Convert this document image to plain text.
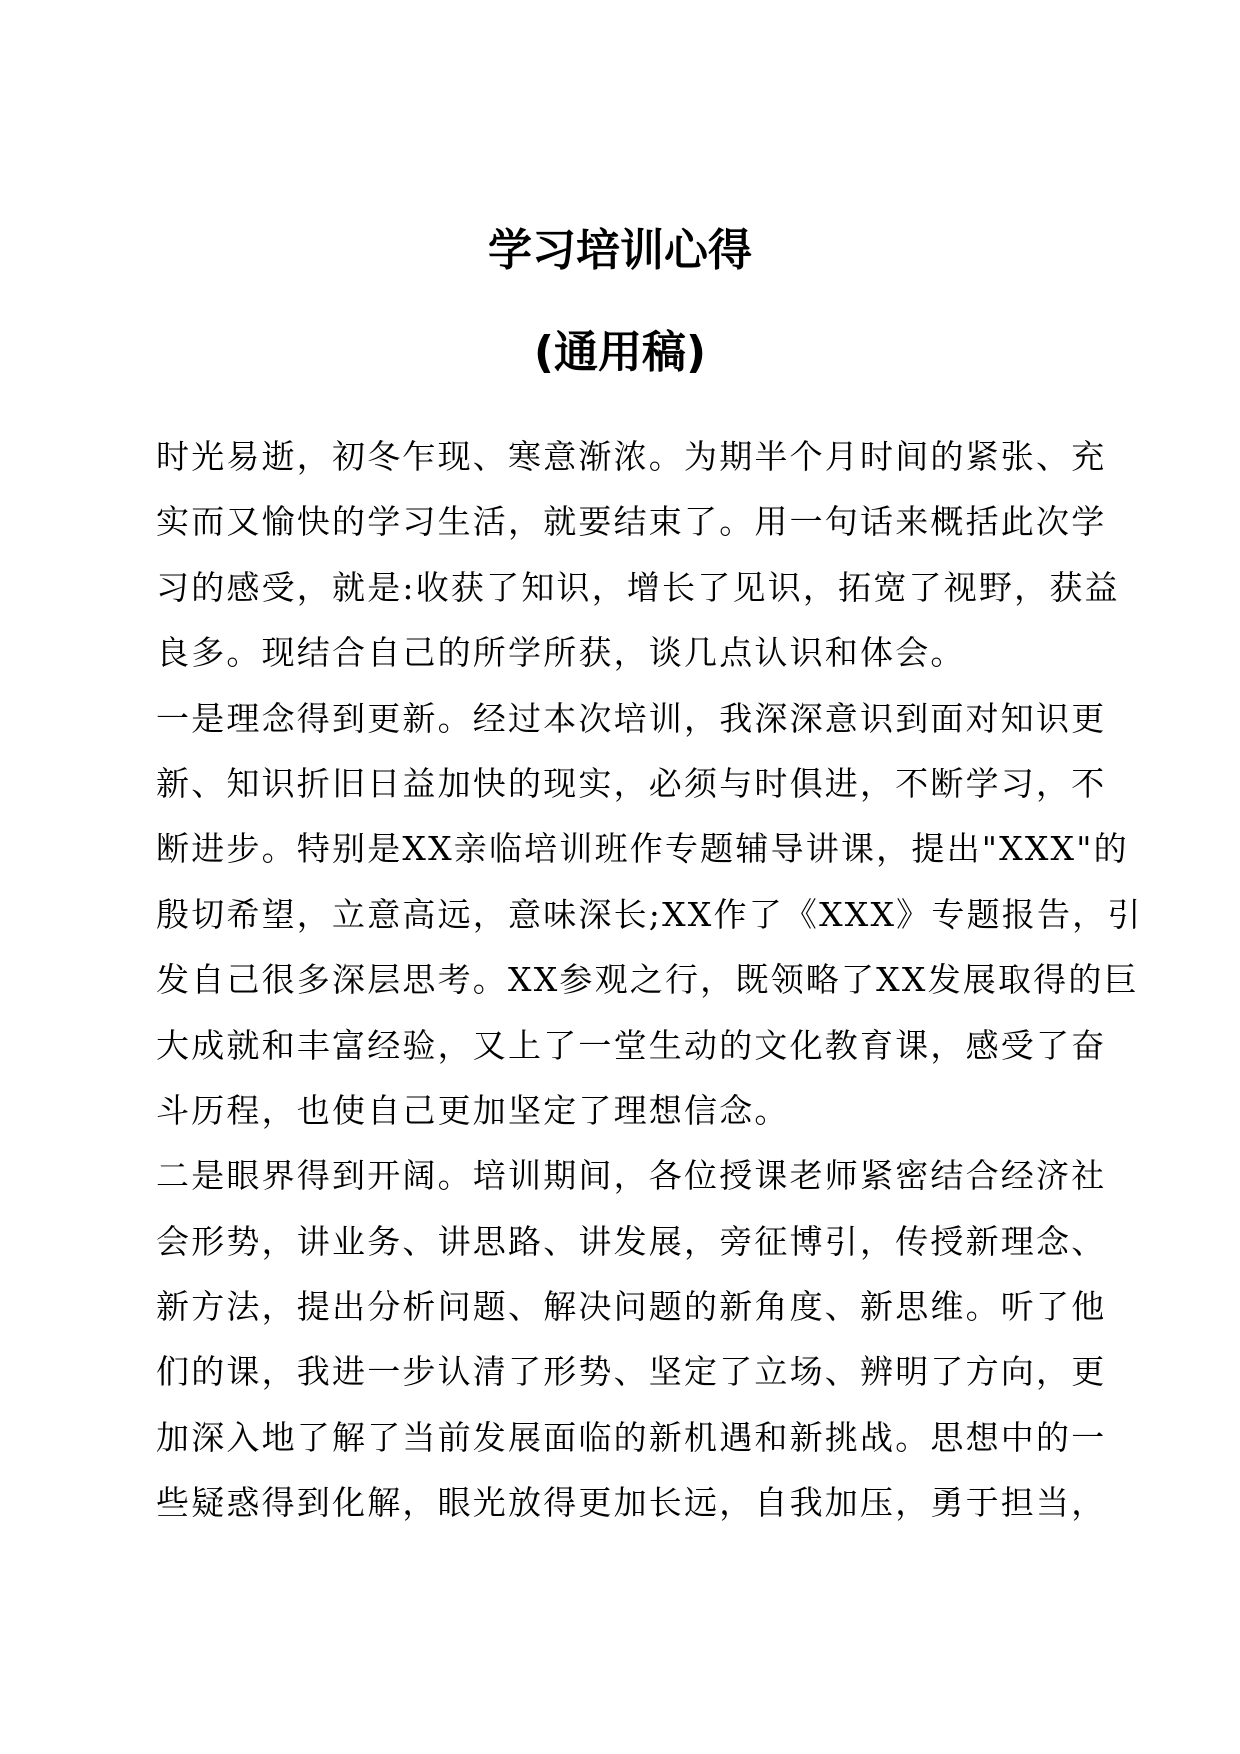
学习培训心得
(通用稿)
时光易逝，初冬乍现、寒意渐浓。为期半个月时间的紧张、充
实而又愉快的学习生活，就要结束了。用一句话来概括此次学
习的感受，就是:收获了知识，增长了见识，拓宽了视野，获益
良多。现结合自己的所学所获，谈几点认识和体会。
一是理念得到更新。经过本次培训，我深深意识到面对知识更
新、知识折旧日益加快的现实，必须与时俱进，不断学习，不
断进步。特别是XX亲临培训班作专题辅导讲课，提出"XXX"的
殷切希望，立意高远，意味深长;XX作了《XXX》专题报告，引
发自己很多深层思考。XX参观之行，既领略了XX发展取得的巨
大成就和丰富经验，又上了一堂生动的文化教育课，感受了奋
斗历程，也使自己更加坚定了理想信念。
二是眼界得到开阔。培训期间，各位授课老师紧密结合经济社
会形势，讲业务、讲思路、讲发展，旁征博引，传授新理念、
新方法，提出分析问题、解决问题的新角度、新思维。听了他
们的课，我进一步认清了形势、坚定了立场、辨明了方向，更
加深入地了解了当前发展面临的新机遇和新挑战。思想中的一
些疑惑得到化解，眼光放得更加长远，自我加压，勇于担当，
